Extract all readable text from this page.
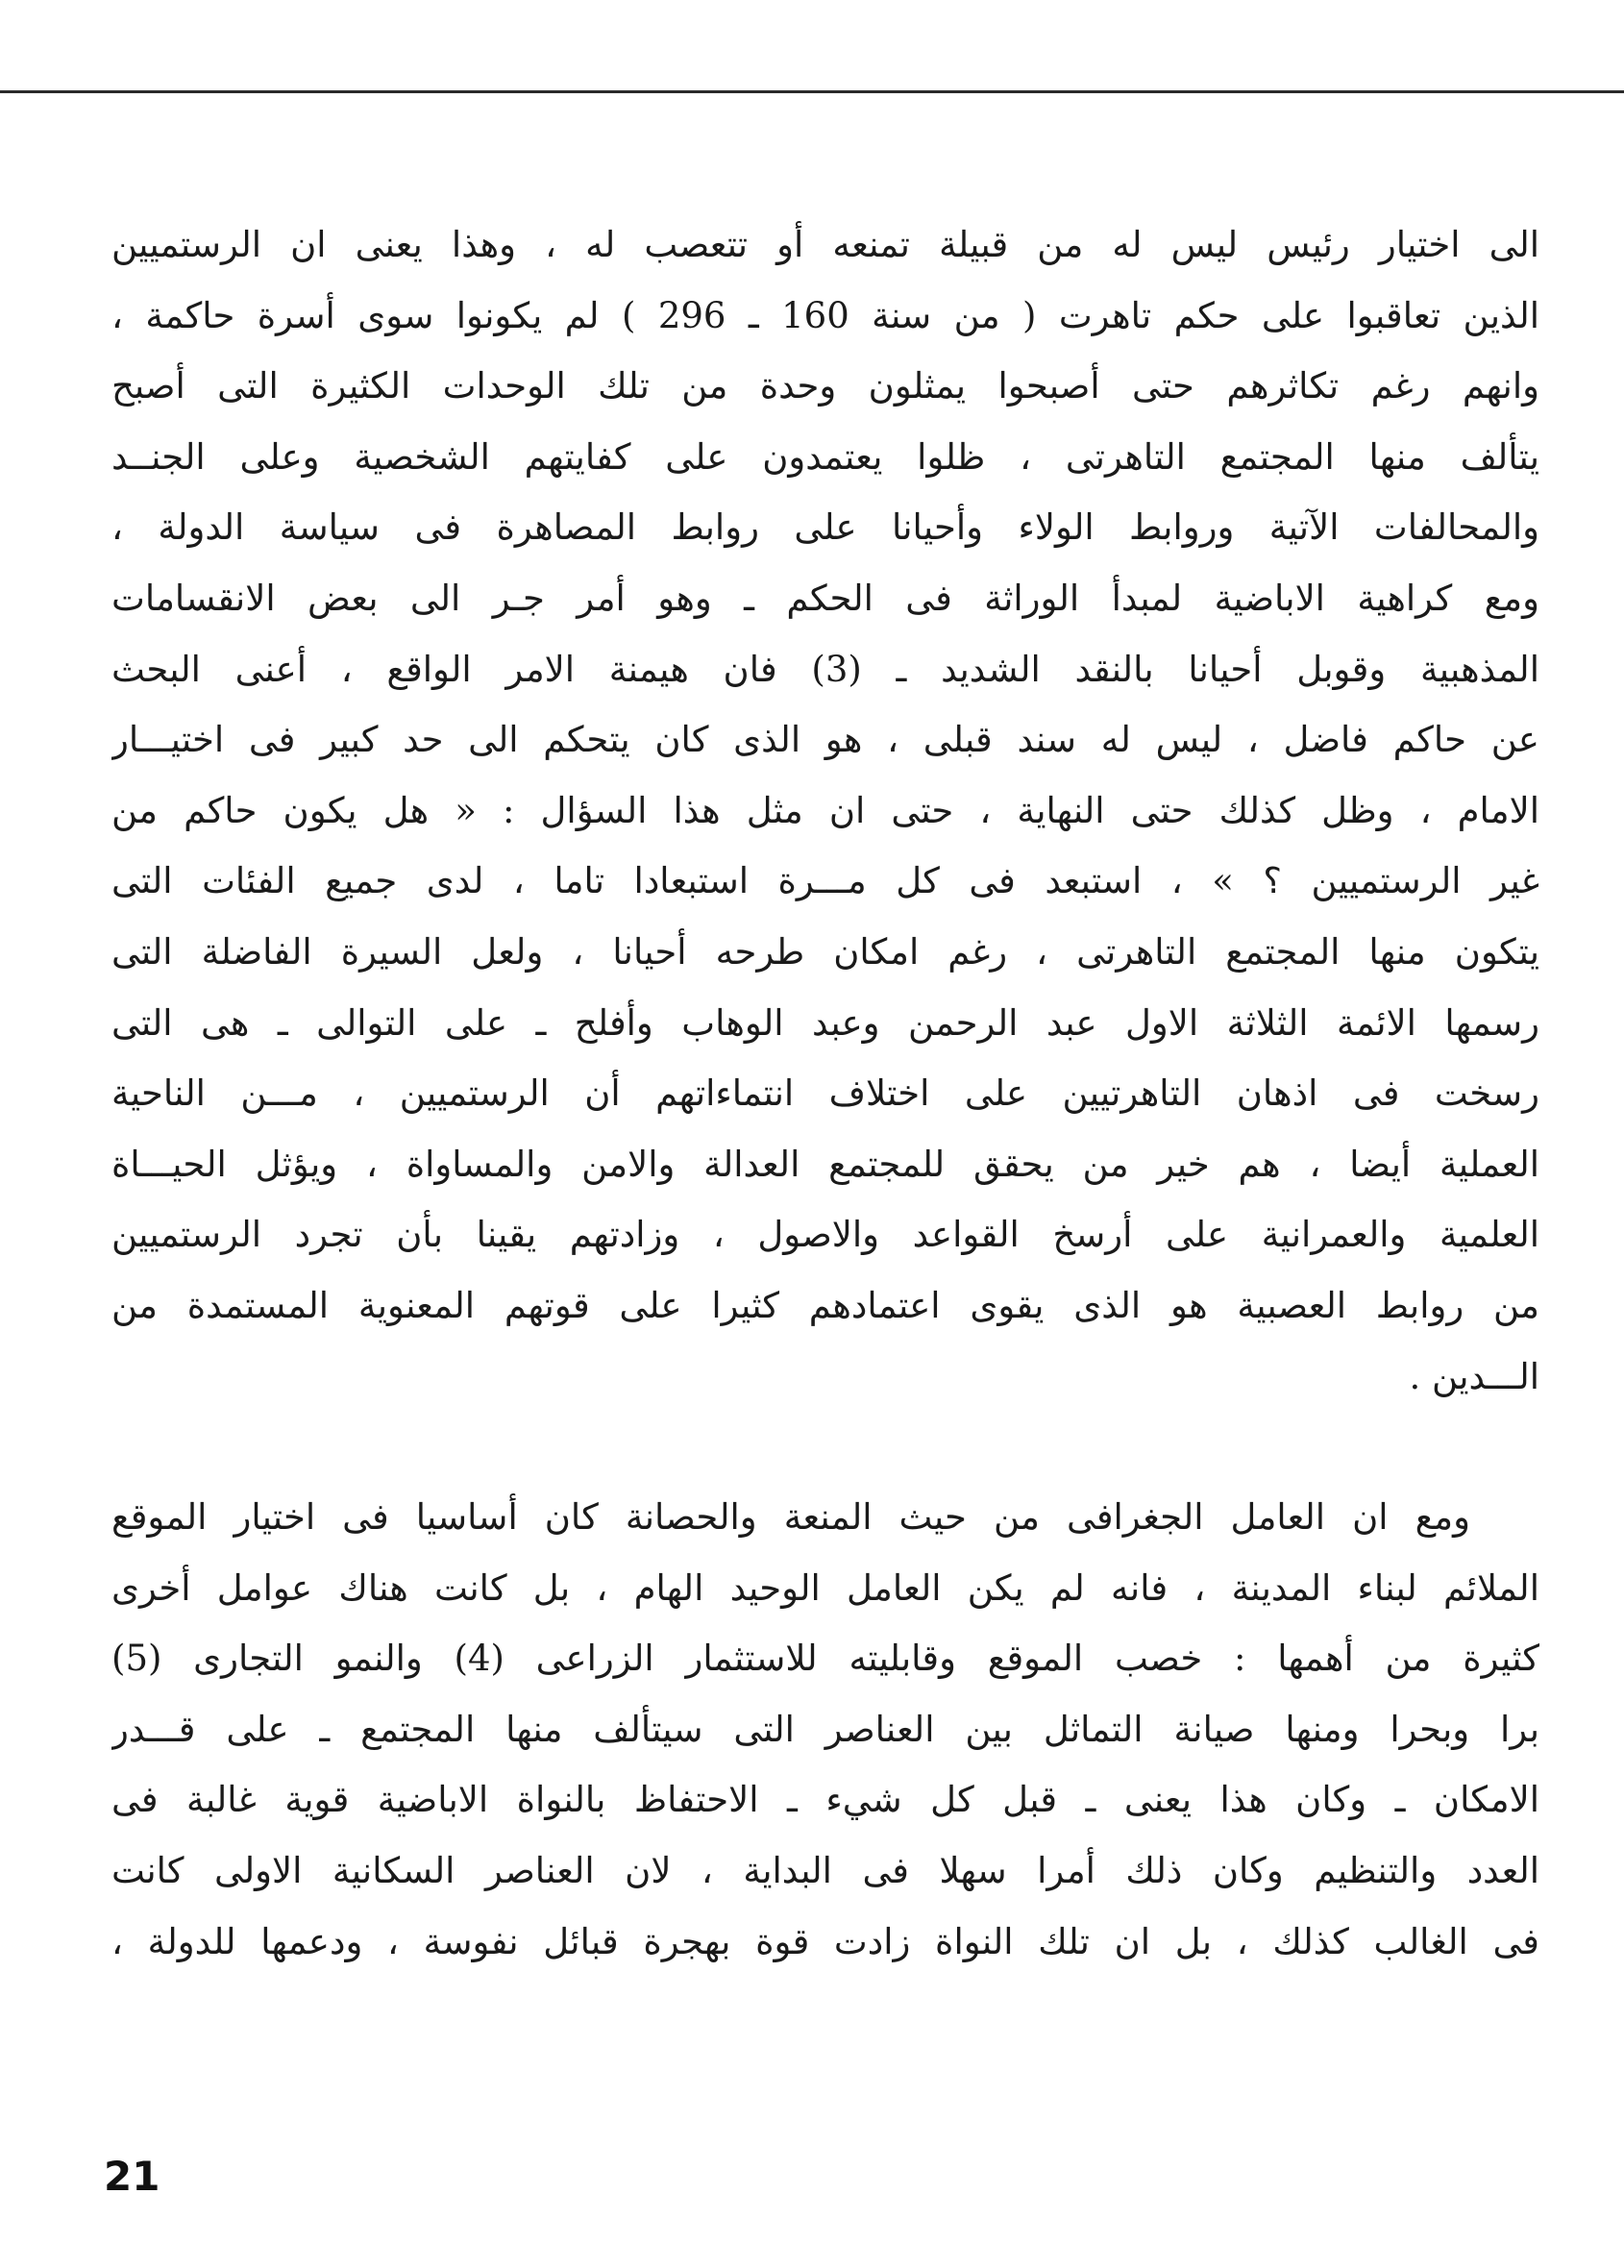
الى اختيار رئيس ليس له من قبيلة تمنعه أو تتعصب له ، وهذا يعنى ان الرستميين
الذين تعاقبوا على حكم تاهرت ( من سنة 160 ـ 296 ) لم يكونوا سوى أسرة حاكمة ،
وانهم رغم تكاثرهم حتى أصبحوا يمثلون وحدة من تلك الوحدات الكثيرة التى أصبح
يتألف منها المجتمع التاهرتى ، ظلوا يعتمدون على كفايتهم الشخصية وعلى الجنــد
والمحالفات الآتية وروابط الولاء وأحيانا على روابط المصاهرة فى سياسة الدولة ،
ومع كراهية الاباضية لمبدأ الوراثة فى الحكم ـ وهو أمر جـر الى بعض الانقسامات
المذهبية وقوبل أحيانا بالنقد الشديد ـ (3) فان هيمنة الامر الواقع ، أعنى البحث
عن حاكم فاضل ، ليس له سند قبلى ، هو الذى كان يتحكم الى حد كبير فى اختيـــار
الامام ، وظل كذلك حتى النهاية ، حتى ان مثل هذا السؤال : « هل يكون حاكم من
غير الرستميين ؟ » ، استبعد فى كل مـــرة استبعادا تاما ، لدى جميع الفئات التى
يتكون منها المجتمع التاهرتى ، رغم امكان طرحه أحيانا ، ولعل السيرة الفاضلة التى
رسمها الائمة الثلاثة الاول عبد الرحمن وعبد الوهاب وأفلح ـ على التوالى ـ هى التى
رسخت فى اذهان التاهرتيين على اختلاف انتماءاتهم أن الرستميين ، مـــن الناحية
العملية أيضا ، هم خير من يحقق للمجتمع العدالة والامن والمساواة ، ويؤثل الحيـــاة
العلمية والعمرانية على أرسخ القواعد والاصول ، وزادتهم يقينا بأن تجرد الرستميين
من روابط العصبية هو الذى يقوى اعتمادهم كثيرا على قوتهم المعنوية المستمدة من
الـــدين .
ومع ان العامل الجغرافى من حيث المنعة والحصانة كان أساسيا فى اختيار الموقع
الملائم لبناء المدينة ، فانه لم يكن العامل الوحيد الهام ، بل كانت هناك عوامل أخرى
كثيرة من أهمها : خصب الموقع وقابليته للاستثمار الزراعى (4) والنمو التجارى (5)
برا وبحرا ومنها صيانة التماثل بين العناصر التى سيتألف منها المجتمع ـ على قـــدر
الامكان ـ وكان هذا يعنى ـ قبل كل شيء ـ الاحتفاظ بالنواة الاباضية قوية غالبة فى
العدد والتنظيم وكان ذلك أمرا سهلا فى البداية ، لان العناصر السكانية الاولى كانت
فى الغالب كذلك ، بل ان تلك النواة زادت قوة بهجرة قبائل نفوسة ، ودعمها للدولة ،
21
